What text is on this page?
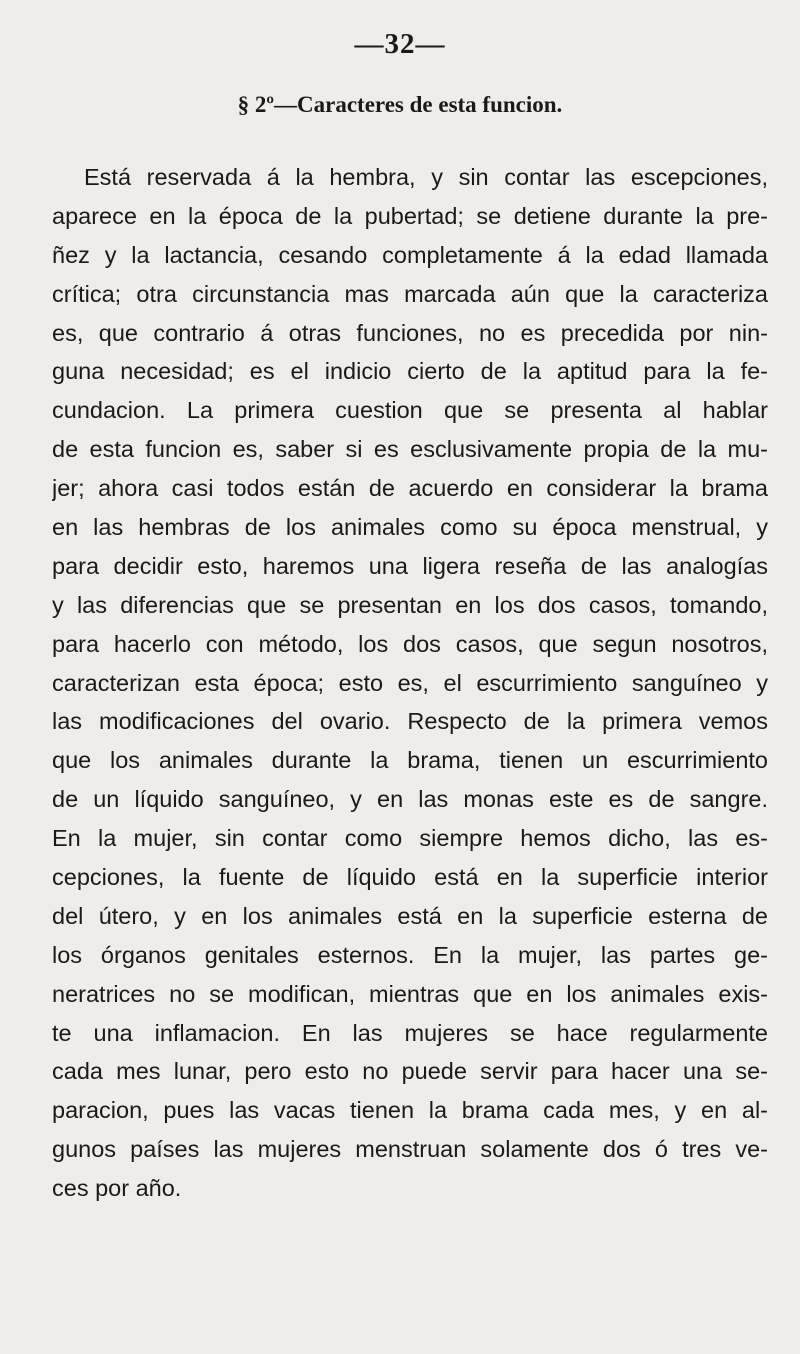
—32—
§ 2º—Caracteres de esta funcion.
Está reservada á la hembra, y sin contar las escepciones,
aparece en la época de la pubertad; se detiene durante la pre-
ñez y la lactancia, cesando completamente á la edad llamada
crítica; otra circunstancia mas marcada aún que la caracteriza
es, que contrario á otras funciones, no es precedida por nin-
guna necesidad; es el indicio cierto de la aptitud para la fe-
cundacion. La primera cuestion que se presenta al hablar
de esta funcion es, saber si es esclusivamente propia de la mu-
jer; ahora casi todos están de acuerdo en considerar la brama
en las hembras de los animales como su época menstrual, y
para decidir esto, haremos una ligera reseña de las analogías
y las diferencias que se presentan en los dos casos, tomando,
para hacerlo con método, los dos casos, que segun nosotros,
caracterizan esta época; esto es, el escurrimiento sanguíneo y
las modificaciones del ovario. Respecto de la primera vemos
que los animales durante la brama, tienen un escurrimiento
de un líquido sanguíneo, y en las monas este es de sangre.
En la mujer, sin contar como siempre hemos dicho, las es-
cepciones, la fuente de líquido está en la superficie interior
del útero, y en los animales está en la superficie esterna de
los órganos genitales esternos. En la mujer, las partes ge-
neratrices no se modifican, mientras que en los animales exis-
te una inflamacion. En las mujeres se hace regularmente
cada mes lunar, pero esto no puede servir para hacer una se-
paracion, pues las vacas tienen la brama cada mes, y en al-
gunos países las mujeres menstruan solamente dos ó tres ve-
ces por año.
